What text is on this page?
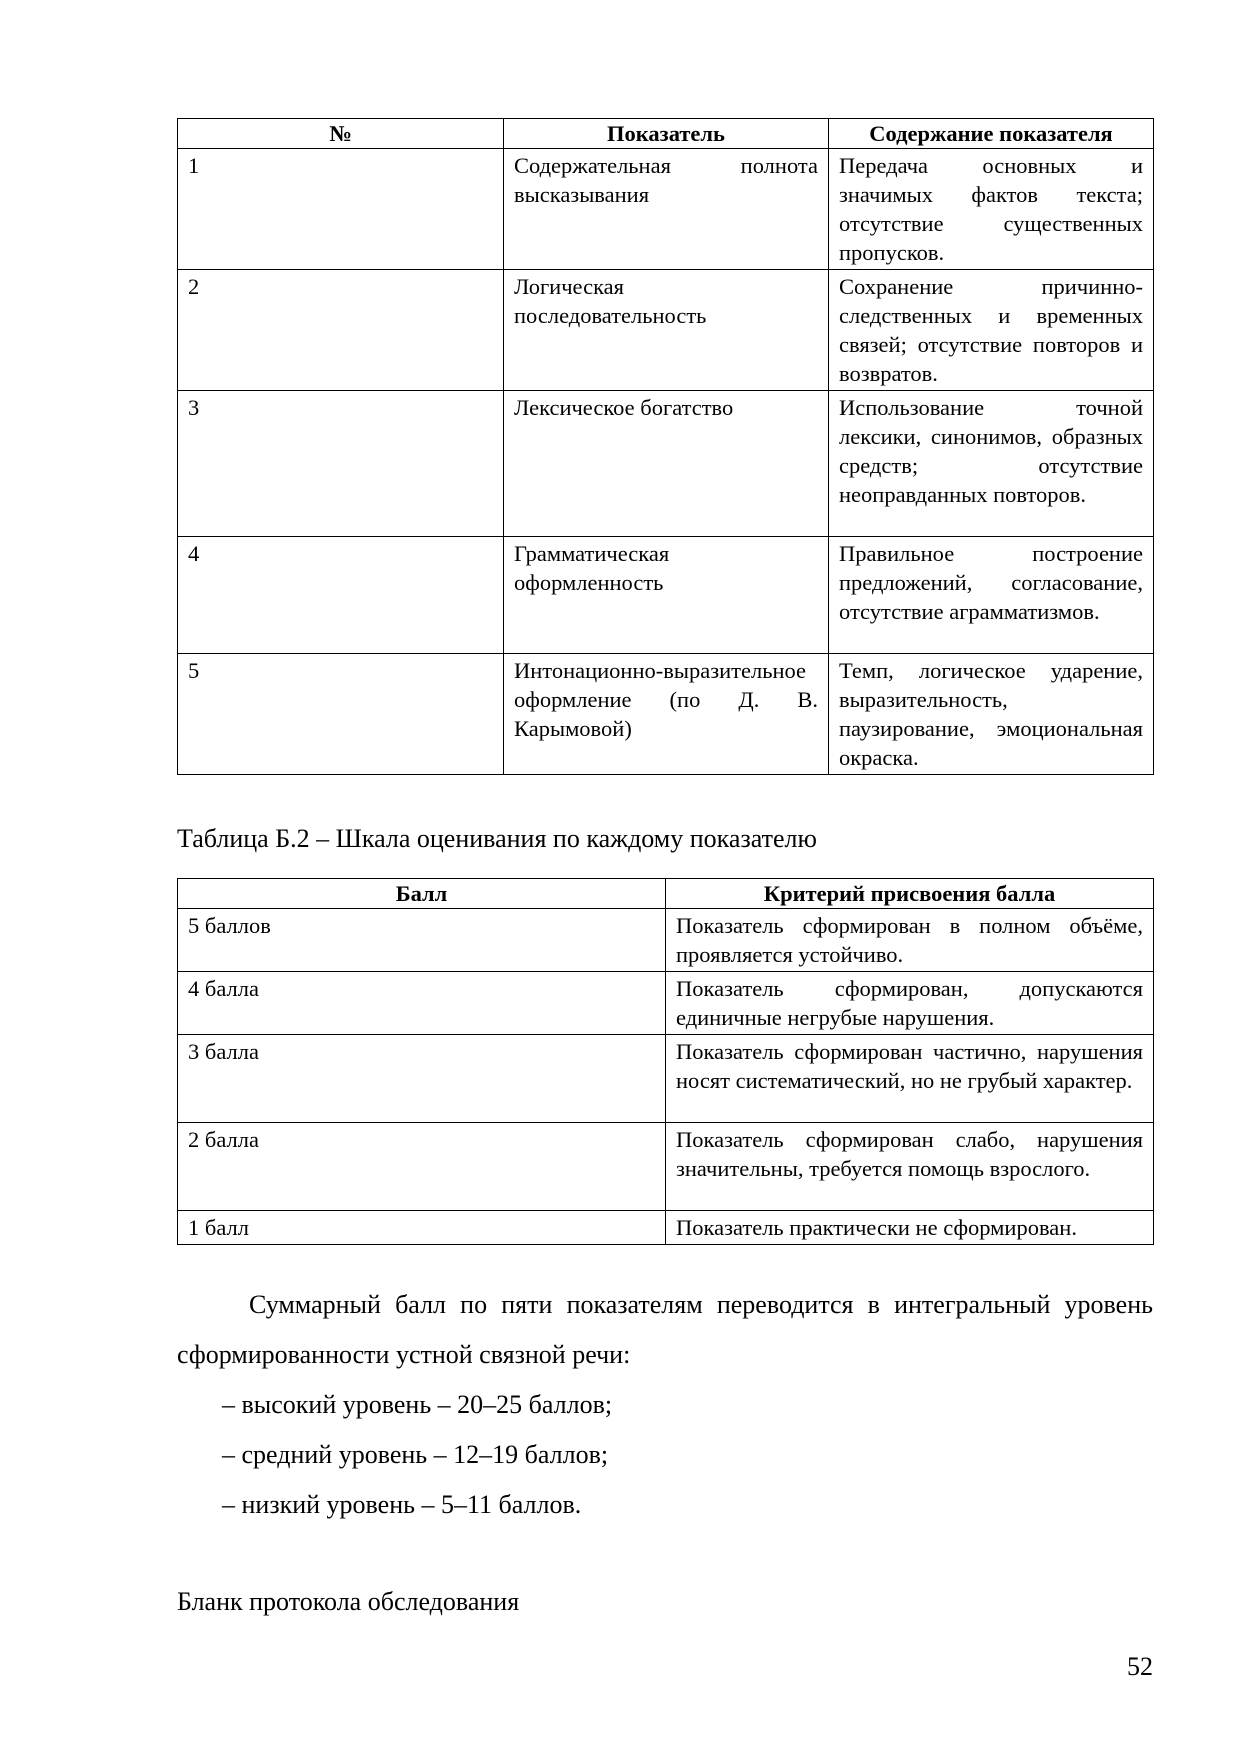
№	Показатель	Содержание показателя
1	Содержательная полнота высказывания	Передача основных и значимых фактов текста; отсутствие существенных пропусков.
2	Логическая последовательность	Сохранение причинно-следственных и временных связей; отсутствие повторов и возвратов.
3	Лексическое богатство	Использование точной лексики, синонимов, образных средств; отсутствие неоправданных повторов.
4	Грамматическая оформленность	Правильное построение предложений, согласование, отсутствие аграмматизмов.
5	Интонационно-выразительное оформление (по Д. В. Карымовой)	Темп, логическое ударение, выразительность, паузирование, эмоциональная окраска.
Таблица Б.2 – Шкала оценивания по каждому показателю
Балл	Критерий присвоения балла
5 баллов	Показатель сформирован в полном объёме, проявляется устойчиво.
4 балла	Показатель сформирован, допускаются единичные негрубые нарушения.
3 балла	Показатель сформирован частично, нарушения носят систематический, но не грубый характер.
2 балла	Показатель сформирован слабо, нарушения значительны, требуется помощь взрослого.
1 балл	Показатель практически не сформирован.
Суммарный балл по пяти показателям переводится в интегральный уровень сформированности устной связной речи:
– высокий уровень – 20–25 баллов;
– средний уровень – 12–19 баллов;
– низкий уровень – 5–11 баллов.
Бланк протокола обследования
52
